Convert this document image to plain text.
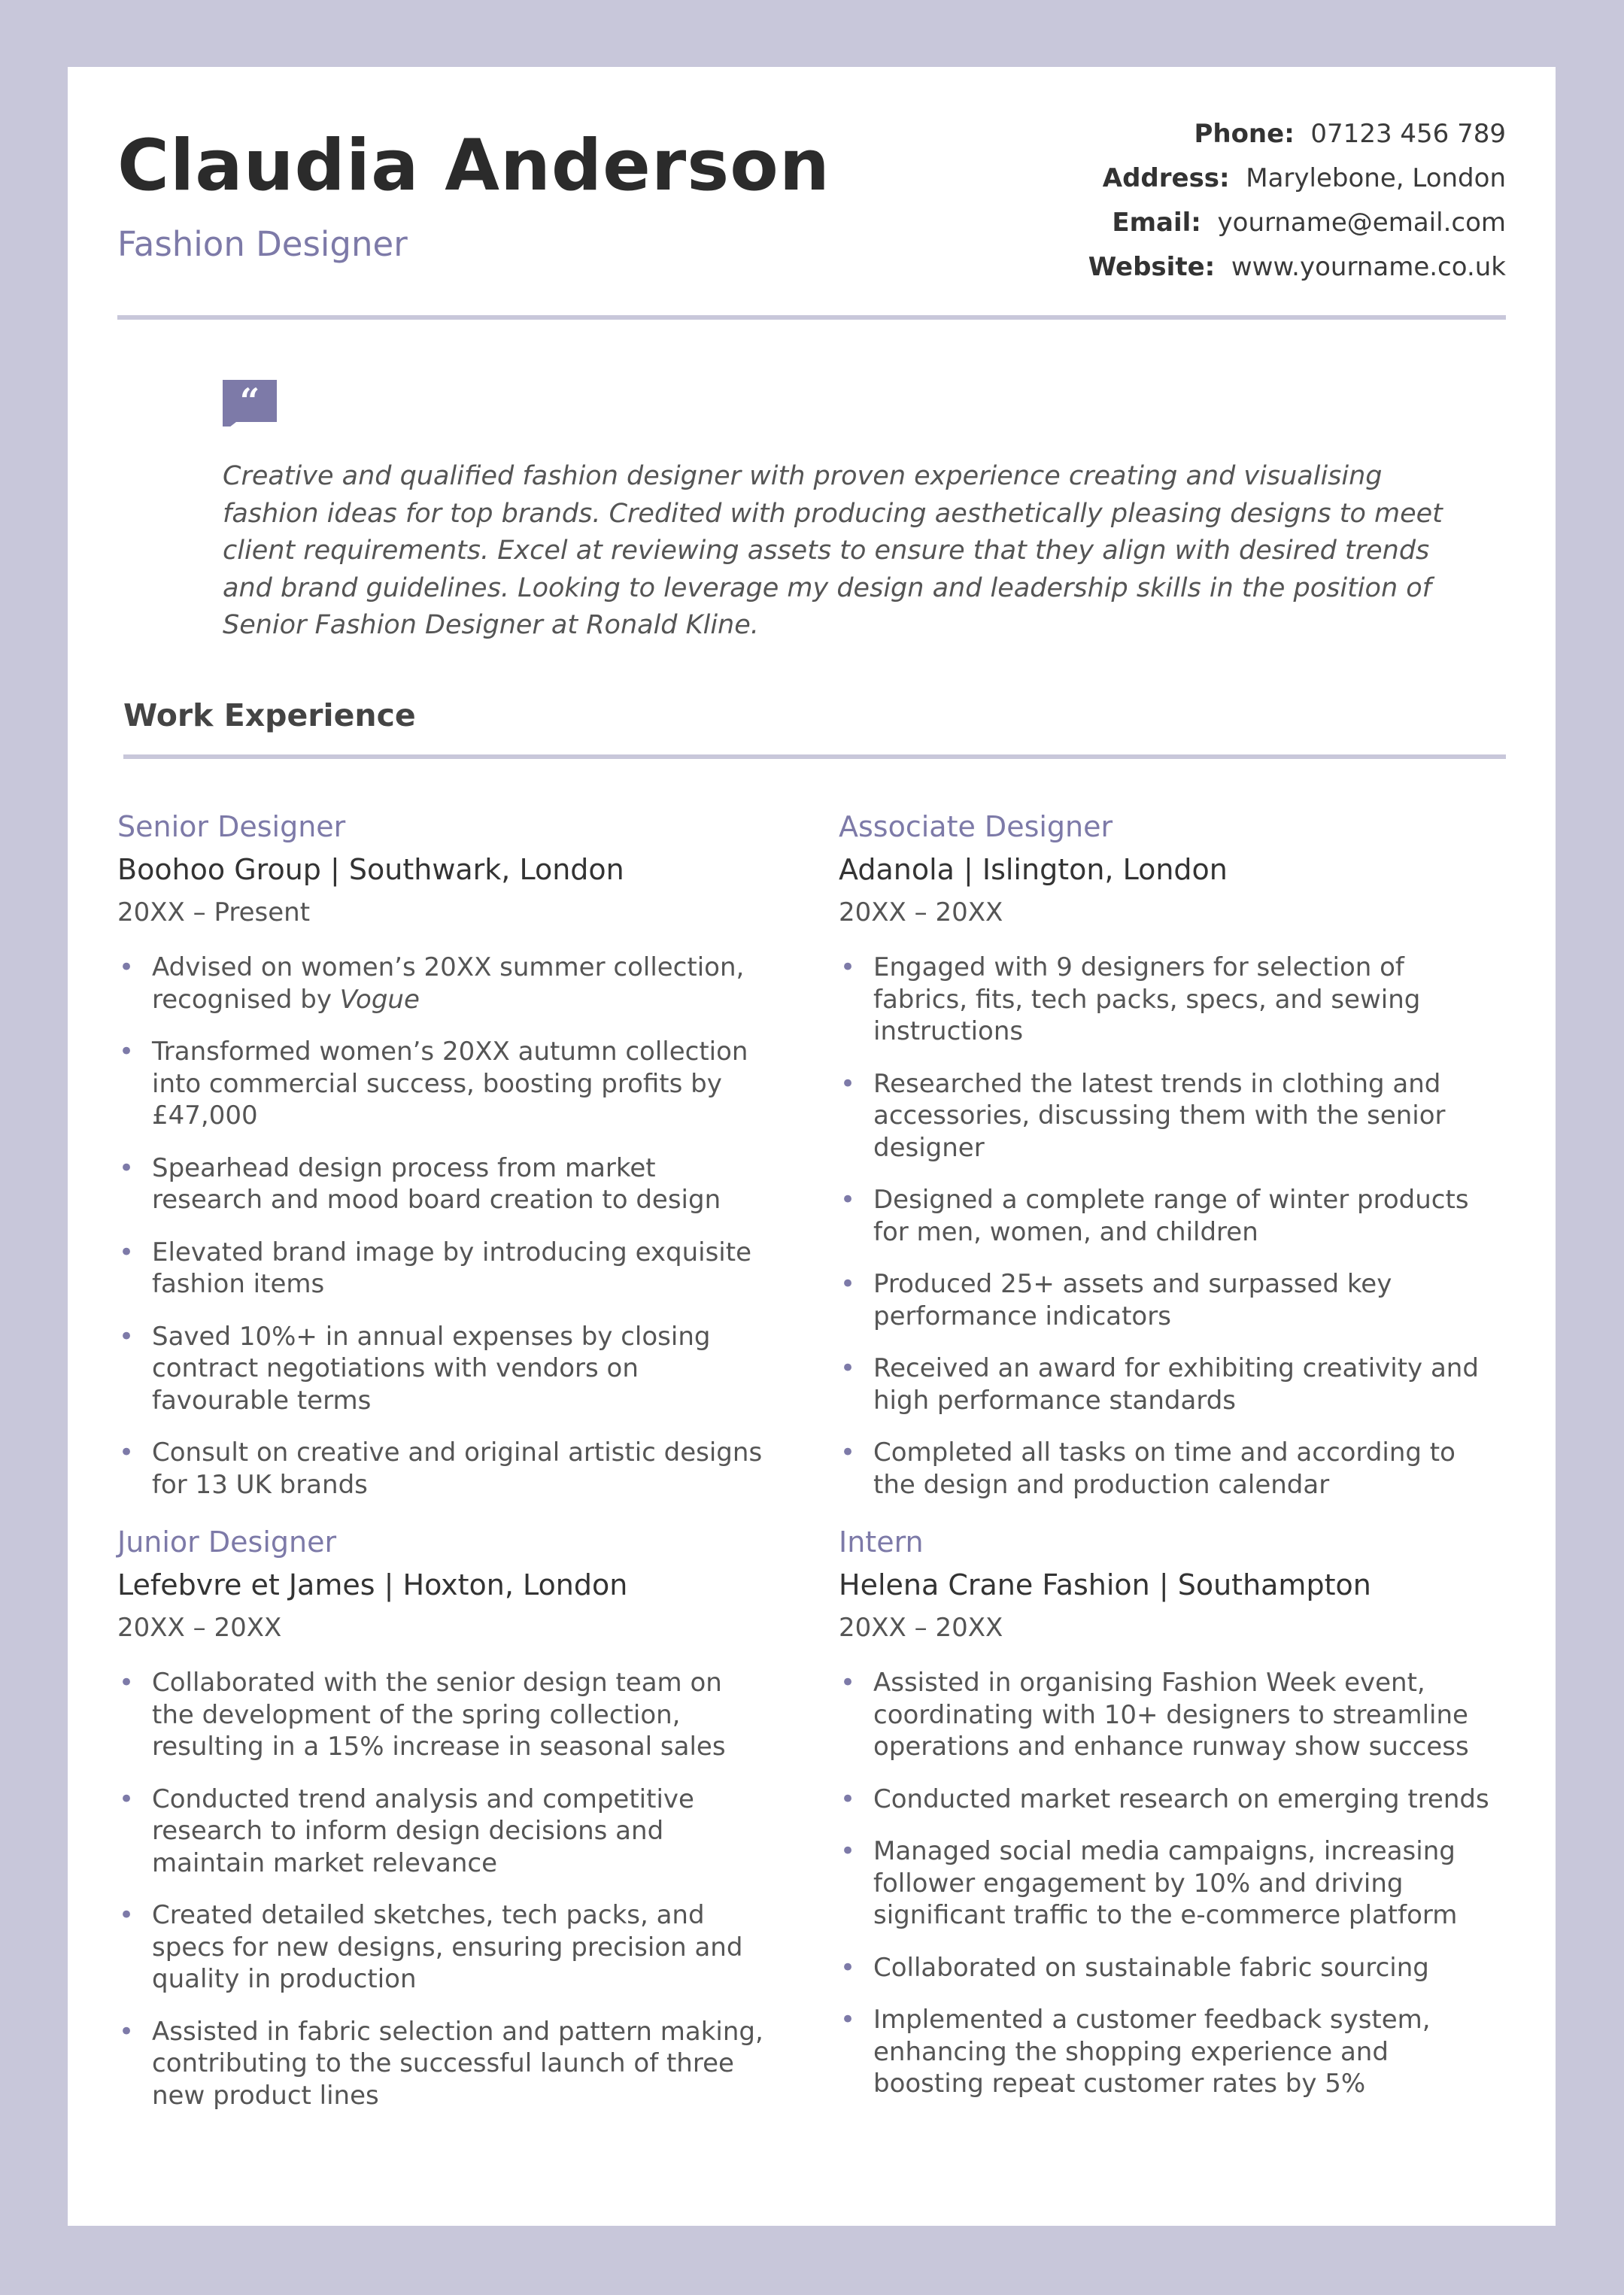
Claudia Anderson
Fashion Designer
Phone: 07123 456 789
Address: Marylebone, London
Email: yourname@email.com
Website: www.yourname.co.uk
“
Creative and qualified fashion designer with proven experience creating and visualising fashion ideas for top brands. Credited with producing aesthetically pleasing designs to meet client requirements. Excel at reviewing assets to ensure that they align with desired trends and brand guidelines. Looking to leverage my design and leadership skills in the position of Senior Fashion Designer at Ronald Kline.
Work Experience
Senior Designer
Boohoo Group | Southwark, London
20XX – Present
• Advised on women’s 20XX summer collection, recognised by Vogue
• Transformed women’s 20XX autumn collection into commercial success, boosting profits by £47,000
• Spearhead design process from market research and mood board creation to design
• Elevated brand image by introducing exquisite fashion items
• Saved 10%+ in annual expenses by closing contract negotiations with vendors on favourable terms
• Consult on creative and original artistic designs for 13 UK brands
Junior Designer
Lefebvre et James | Hoxton, London
20XX – 20XX
• Collaborated with the senior design team on the development of the spring collection, resulting in a 15% increase in seasonal sales
• Conducted trend analysis and competitive research to inform design decisions and maintain market relevance
• Created detailed sketches, tech packs, and specs for new designs, ensuring precision and quality in production
• Assisted in fabric selection and pattern making, contributing to the successful launch of three new product lines
Associate Designer
Adanola | Islington, London
20XX – 20XX
• Engaged with 9 designers for selection of fabrics, fits, tech packs, specs, and sewing instructions
• Researched the latest trends in clothing and accessories, discussing them with the senior designer
• Designed a complete range of winter products for men, women, and children
• Produced 25+ assets and surpassed key performance indicators
• Received an award for exhibiting creativity and high performance standards
• Completed all tasks on time and according to the design and production calendar
Intern
Helena Crane Fashion | Southampton
20XX – 20XX
• Assisted in organising Fashion Week event, coordinating with 10+ designers to streamline operations and enhance runway show success
• Conducted market research on emerging trends
• Managed social media campaigns, increasing follower engagement by 10% and driving significant traffic to the e-commerce platform
• Collaborated on sustainable fabric sourcing
• Implemented a customer feedback system, enhancing the shopping experience and boosting repeat customer rates by 5%
